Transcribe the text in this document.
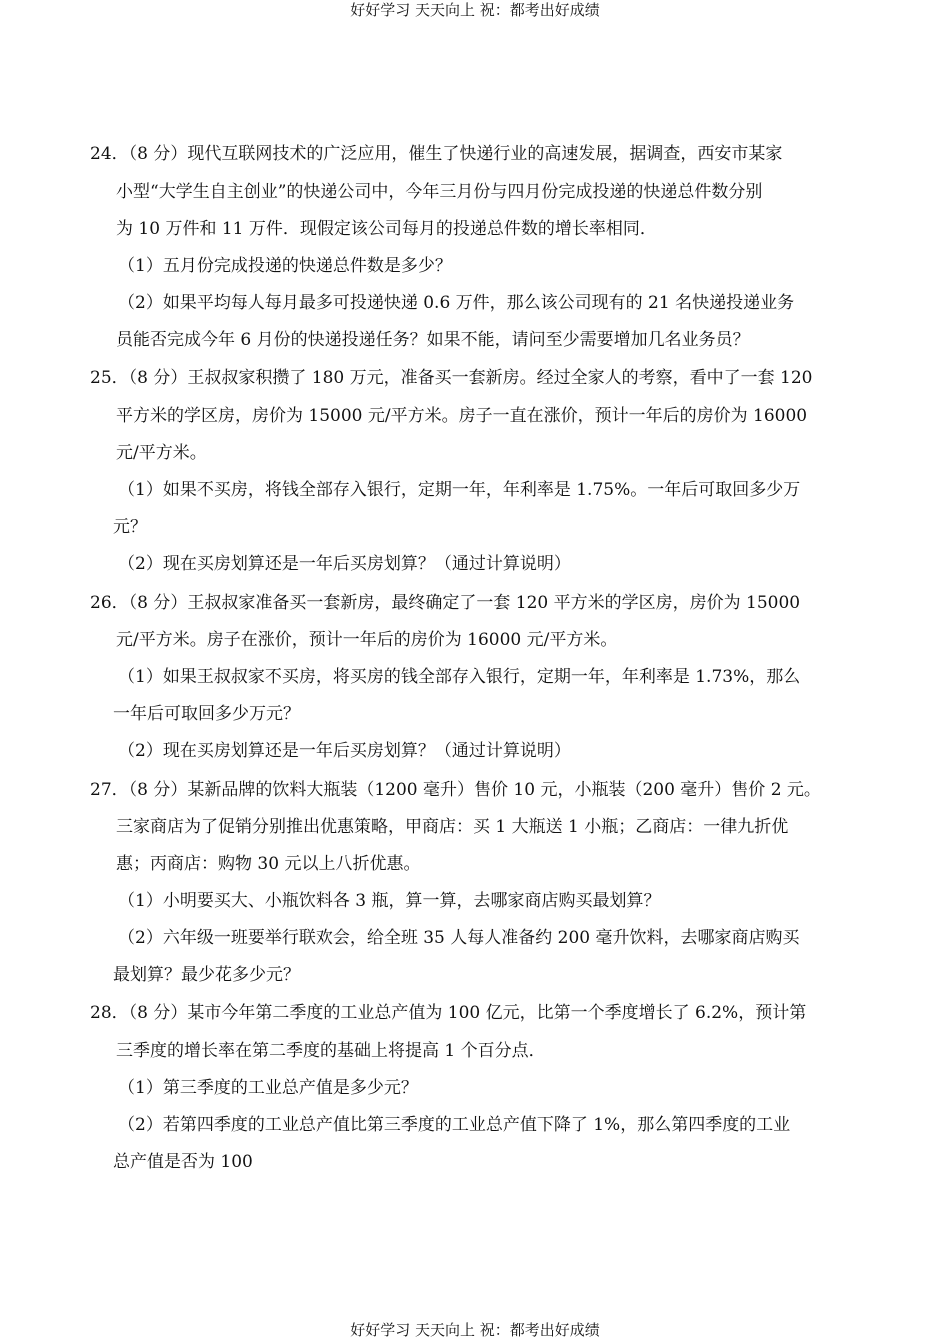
好好学习 天天向上 祝：都考出好成绩
24．（8 分）现代互联网技术的广泛应用，催生了快递行业的高速发展，据调查，西安市某家
小型“大学生自主创业”的快递公司中，今年三月份与四月份完成投递的快递总件数分别
为 10 万件和 11 万件．现假定该公司每月的投递总件数的增长率相同．
（1）五月份完成投递的快递总件数是多少？
（2）如果平均每人每月最多可投递快递 0.6 万件，那么该公司现有的 21 名快递投递业务
员能否完成今年 6 月份的快递投递任务？如果不能，请问至少需要增加几名业务员？
25．（8 分）王叔叔家积攒了 180 万元，准备买一套新房。经过全家人的考察，看中了一套 120
平方米的学区房，房价为 15000 元/平方米。房子一直在涨价，预计一年后的房价为 16000
元/平方米。
（1）如果不买房，将钱全部存入银行，定期一年，年利率是 1.75%。一年后可取回多少万
元？
（2）现在买房划算还是一年后买房划算？（通过计算说明）
26．（8 分）王叔叔家准备买一套新房，最终确定了一套 120 平方米的学区房，房价为 15000
元/平方米。房子在涨价，预计一年后的房价为 16000 元/平方米。
（1）如果王叔叔家不买房，将买房的钱全部存入银行，定期一年，年利率是 1.73%，那么
一年后可取回多少万元？
（2）现在买房划算还是一年后买房划算？（通过计算说明）
27．（8 分）某新品牌的饮料大瓶装（1200 毫升）售价 10 元，小瓶装（200 毫升）售价 2 元。
三家商店为了促销分别推出优惠策略，甲商店：买 1 大瓶送 1 小瓶；乙商店：一律九折优
惠；丙商店：购物 30 元以上八折优惠。
（1）小明要买大、小瓶饮料各 3 瓶，算一算，去哪家商店购买最划算？
（2）六年级一班要举行联欢会，给全班 35 人每人准备约 200 毫升饮料，去哪家商店购买
最划算？最少花多少元？
28．（8 分）某市今年第二季度的工业总产值为 100 亿元，比第一个季度增长了 6.2%，预计第
三季度的增长率在第二季度的基础上将提高 1 个百分点．
（1）第三季度的工业总产值是多少元？
（2）若第四季度的工业总产值比第三季度的工业总产值下降了 1%，那么第四季度的工业
总产值是否为 100
好好学习 天天向上 祝：都考出好成绩
